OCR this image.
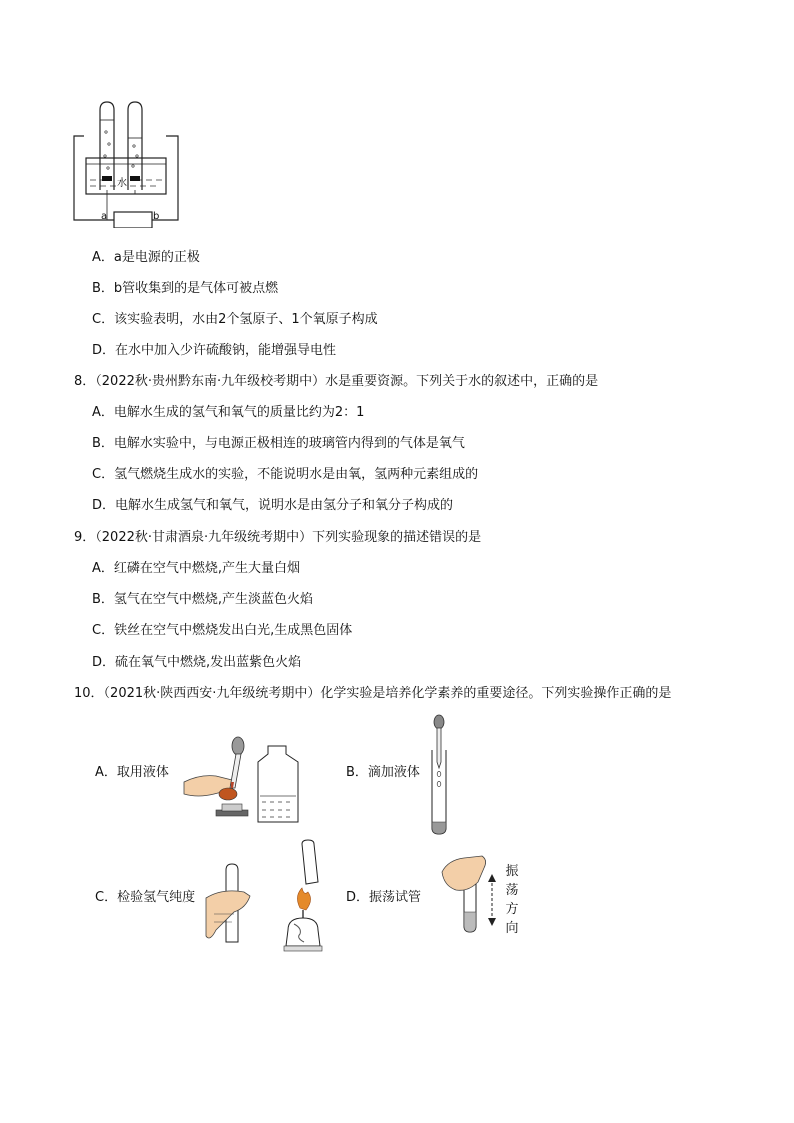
a	b
水
A．a是电源的正极
B．b管收集到的是气体可被点燃
C．该实验表明，水由2个氢原子、1个氧原子构成
D．在水中加入少许硫酸钠，能增强导电性
8．（2022秋·贵州黔东南·九年级校考期中）水是重要资源。下列关于水的叙述中，正确的是
A．电解水生成的氢气和氧气的质量比约为2：1
B．电解水实验中，与电源正极相连的玻璃管内得到的气体是氧气
C．氢气燃烧生成水的实验，不能说明水是由氧，氢两种元素组成的
D．电解水生成氢气和氧气，说明水是由氢分子和氧分子构成的
9．（2022秋·甘肃酒泉·九年级统考期中）下列实验现象的描述错误的是
A．红磷在空气中燃烧,产生大量白烟
B．氢气在空气中燃烧,产生淡蓝色火焰
C．铁丝在空气中燃烧发出白光,生成黑色固体
D．硫在氧气中燃烧,发出蓝紫色火焰
10．（2021秋·陕西西安·九年级统考期中）化学实验是培养化学素养的重要途径。下列实验操作正确的是
A．取用液体	B．滴加液体
C．检验氢气纯度	D．振荡试管
振
荡
方
向
